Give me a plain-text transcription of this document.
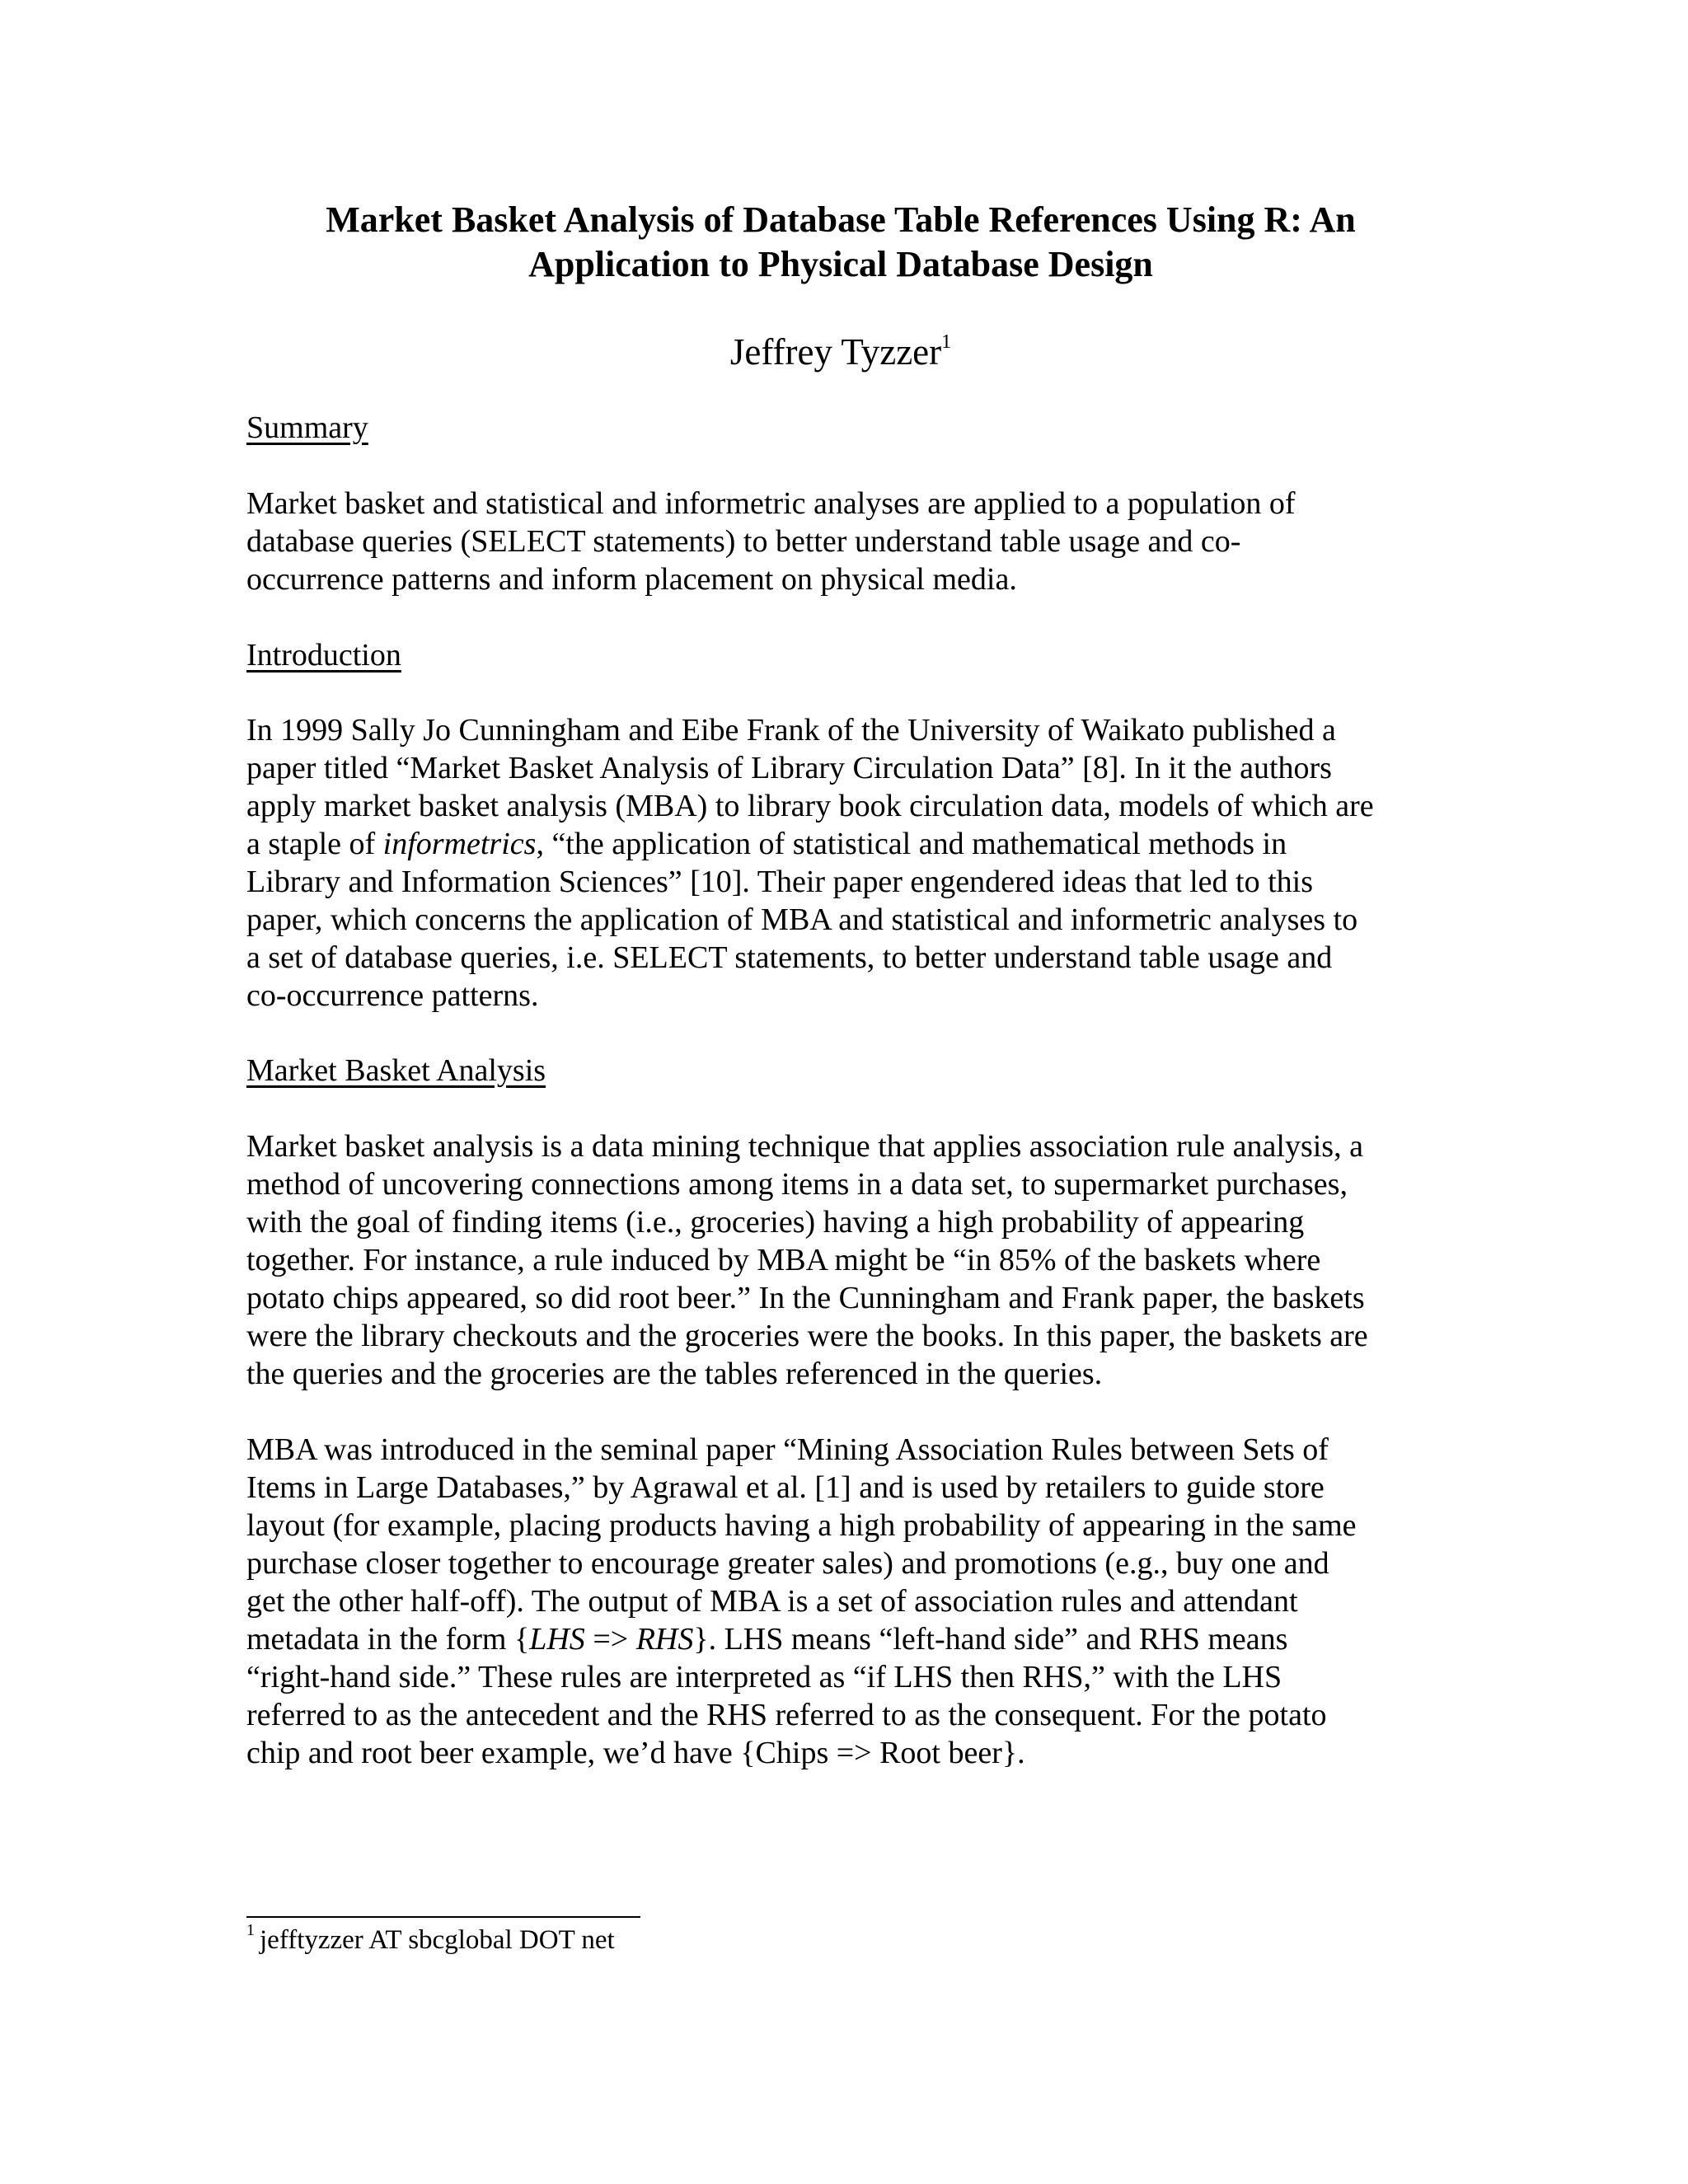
Market Basket Analysis of Database Table References Using R: An
Application to Physical Database Design
Jeffrey Tyzzer$^1$
Summary
Market basket and statistical and informetric analyses are applied to a population of
database queries (SELECT statements) to better understand table usage and co-
occurrence patterns and inform placement on physical media.
Introduction
In 1999 Sally Jo Cunningham and Eibe Frank of the University of Waikato published a
paper titled “Market Basket Analysis of Library Circulation Data” [8]. In it the authors
apply market basket analysis (MBA) to library book circulation data, models of which are
a staple of informetrics, “the application of statistical and mathematical methods in
Library and Information Sciences” [10]. Their paper engendered ideas that led to this
paper, which concerns the application of MBA and statistical and informetric analyses to
a set of database queries, i.e. SELECT statements, to better understand table usage and
co-occurrence patterns.
Market Basket Analysis
Market basket analysis is a data mining technique that applies association rule analysis, a
method of uncovering connections among items in a data set, to supermarket purchases,
with the goal of finding items (i.e., groceries) having a high probability of appearing
together. For instance, a rule induced by MBA might be “in 85% of the baskets where
potato chips appeared, so did root beer.” In the Cunningham and Frank paper, the baskets
were the library checkouts and the groceries were the books. In this paper, the baskets are
the queries and the groceries are the tables referenced in the queries.
MBA was introduced in the seminal paper “Mining Association Rules between Sets of
Items in Large Databases,” by Agrawal et al. [1] and is used by retailers to guide store
layout (for example, placing products having a high probability of appearing in the same
purchase closer together to encourage greater sales) and promotions (e.g., buy one and
get the other half-off). The output of MBA is a set of association rules and attendant
metadata in the form {LHS => RHS}. LHS means “left-hand side” and RHS means
“right-hand side.” These rules are interpreted as “if LHS then RHS,” with the LHS
referred to as the antecedent and the RHS referred to as the consequent. For the potato
chip and root beer example, we’d have {Chips => Root beer}.
$^1$ jefftyzzer AT sbcglobal DOT net
